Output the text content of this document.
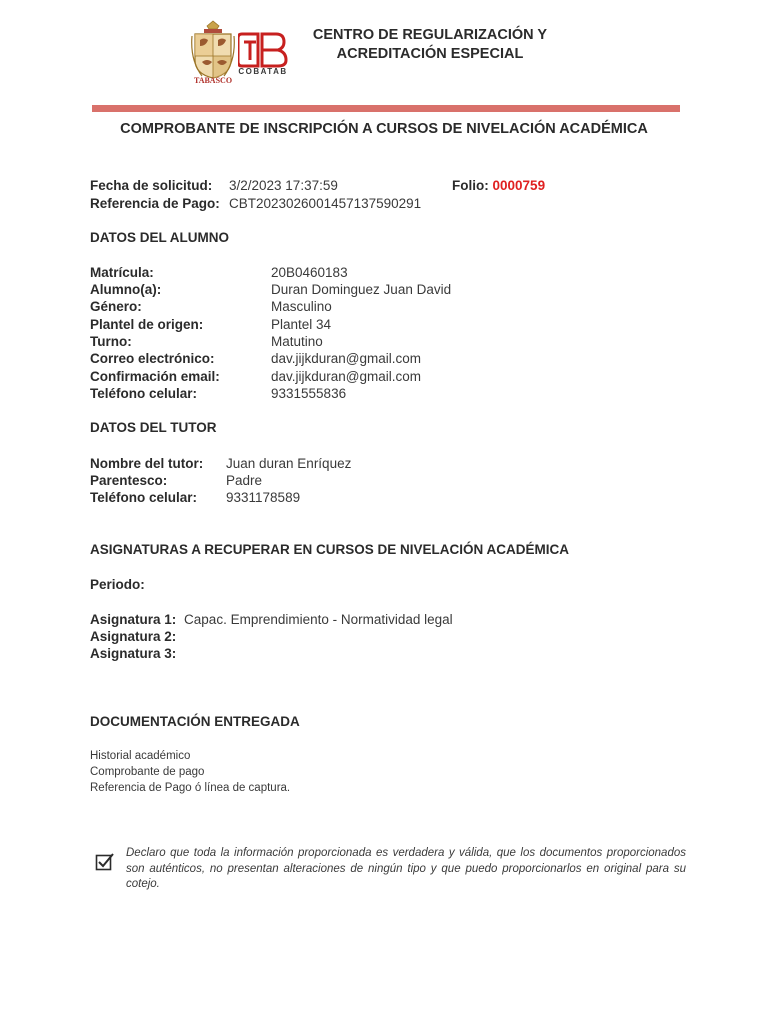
TABASCO
COBATAB
CENTRO DE REGULARIZACIÓN Y
ACREDITACIÓN ESPECIAL
COMPROBANTE DE INSCRIPCIÓN A CURSOS DE NIVELACIÓN ACADÉMICA
Fecha de solicitud: 3/2/2023 17:37:59	Folio: 0000759
Referencia de Pago: CBT2023026001457137590291
DATOS DEL ALUMNO
Matrícula:	20B0460183
Alumno(a):	Duran Dominguez Juan David
Género:	Masculino
Plantel de origen:	Plantel 34
Turno:	Matutino
Correo electrónico:	dav.jijkduran@gmail.com
Confirmación email:	dav.jijkduran@gmail.com
Teléfono celular:	9331555836
DATOS DEL TUTOR
Nombre del tutor: Juan duran Enríquez
Parentesco:	Padre
Teléfono celular: 9331178589
ASIGNATURAS A RECUPERAR EN CURSOS DE NIVELACIÓN ACADÉMICA
Periodo:
Asignatura 1: Capac. Emprendimiento - Normatividad legal
Asignatura 2:
Asignatura 3:
DOCUMENTACIÓN ENTREGADA
Historial académico
Comprobante de pago
Referencia de Pago ó línea de captura.
Declaro que toda la información proporcionada es verdadera y válida, que los documentos proporcionados son auténticos, no presentan alteraciones de ningún tipo y que puedo proporcionarlos en original para su cotejo.
